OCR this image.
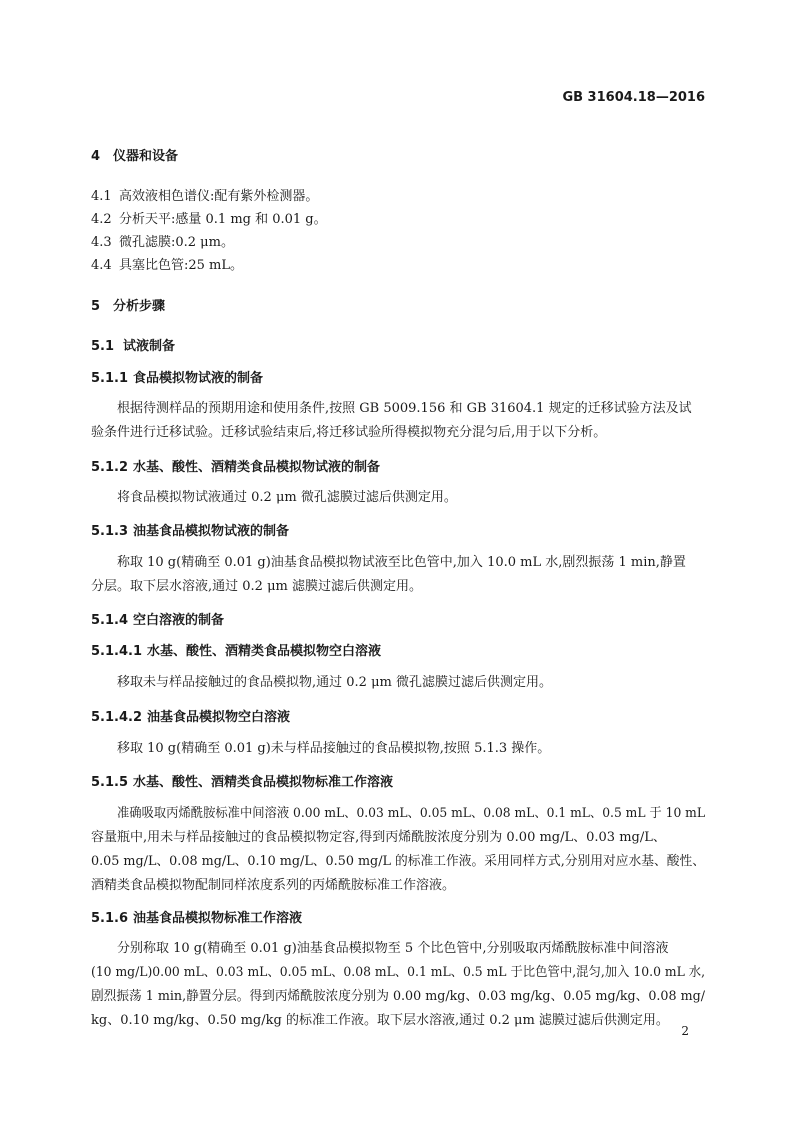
GB 31604.18—2016
4 仪器和设备
4.1 高效液相色谱仪:配有紫外检测器。
4.2 分析天平:感量 0.1 mg 和 0.01 g。
4.3 微孔滤膜:0.2 μm。
4.4 具塞比色管:25 mL。
5 分析步骤
5.1 试液制备
5.1.1 食品模拟物试液的制备
根据待测样品的预期用途和使用条件,按照 GB 5009.156 和 GB 31604.1 规定的迁移试验方法及试
验条件进行迁移试验。迁移试验结束后,将迁移试验所得模拟物充分混匀后,用于以下分析。
5.1.2 水基、酸性、酒精类食品模拟物试液的制备
将食品模拟物试液通过 0.2 μm 微孔滤膜过滤后供测定用。
5.1.3 油基食品模拟物试液的制备
称取 10 g(精确至 0.01 g)油基食品模拟物试液至比色管中,加入 10.0 mL 水,剧烈振荡 1 min,静置
分层。取下层水溶液,通过 0.2 μm 滤膜过滤后供测定用。
5.1.4 空白溶液的制备
5.1.4.1 水基、酸性、酒精类食品模拟物空白溶液
移取未与样品接触过的食品模拟物,通过 0.2 μm 微孔滤膜过滤后供测定用。
5.1.4.2 油基食品模拟物空白溶液
移取 10 g(精确至 0.01 g)未与样品接触过的食品模拟物,按照 5.1.3 操作。
5.1.5 水基、酸性、酒精类食品模拟物标准工作溶液
准确吸取丙烯酰胺标准中间溶液 0.00 mL、0.03 mL、0.05 mL、0.08 mL、0.1 mL、0.5 mL 于 10 mL
容量瓶中,用未与样品接触过的食品模拟物定容,得到丙烯酰胺浓度分别为 0.00 mg/L、0.03 mg/L、
0.05 mg/L、0.08 mg/L、0.10 mg/L、0.50 mg/L 的标准工作液。采用同样方式,分别用对应水基、酸性、
酒精类食品模拟物配制同样浓度系列的丙烯酰胺标准工作溶液。
5.1.6 油基食品模拟物标准工作溶液
分别称取 10 g(精确至 0.01 g)油基食品模拟物至 5 个比色管中,分别吸取丙烯酰胺标准中间溶液
(10 mg/L)0.00 mL、0.03 mL、0.05 mL、0.08 mL、0.1 mL、0.5 mL 于比色管中,混匀,加入 10.0 mL 水,
剧烈振荡 1 min,静置分层。得到丙烯酰胺浓度分别为 0.00 mg/kg、0.03 mg/kg、0.05 mg/kg、0.08 mg/
kg、0.10 mg/kg、0.50 mg/kg 的标准工作液。取下层水溶液,通过 0.2 μm 滤膜过滤后供测定用。
2
